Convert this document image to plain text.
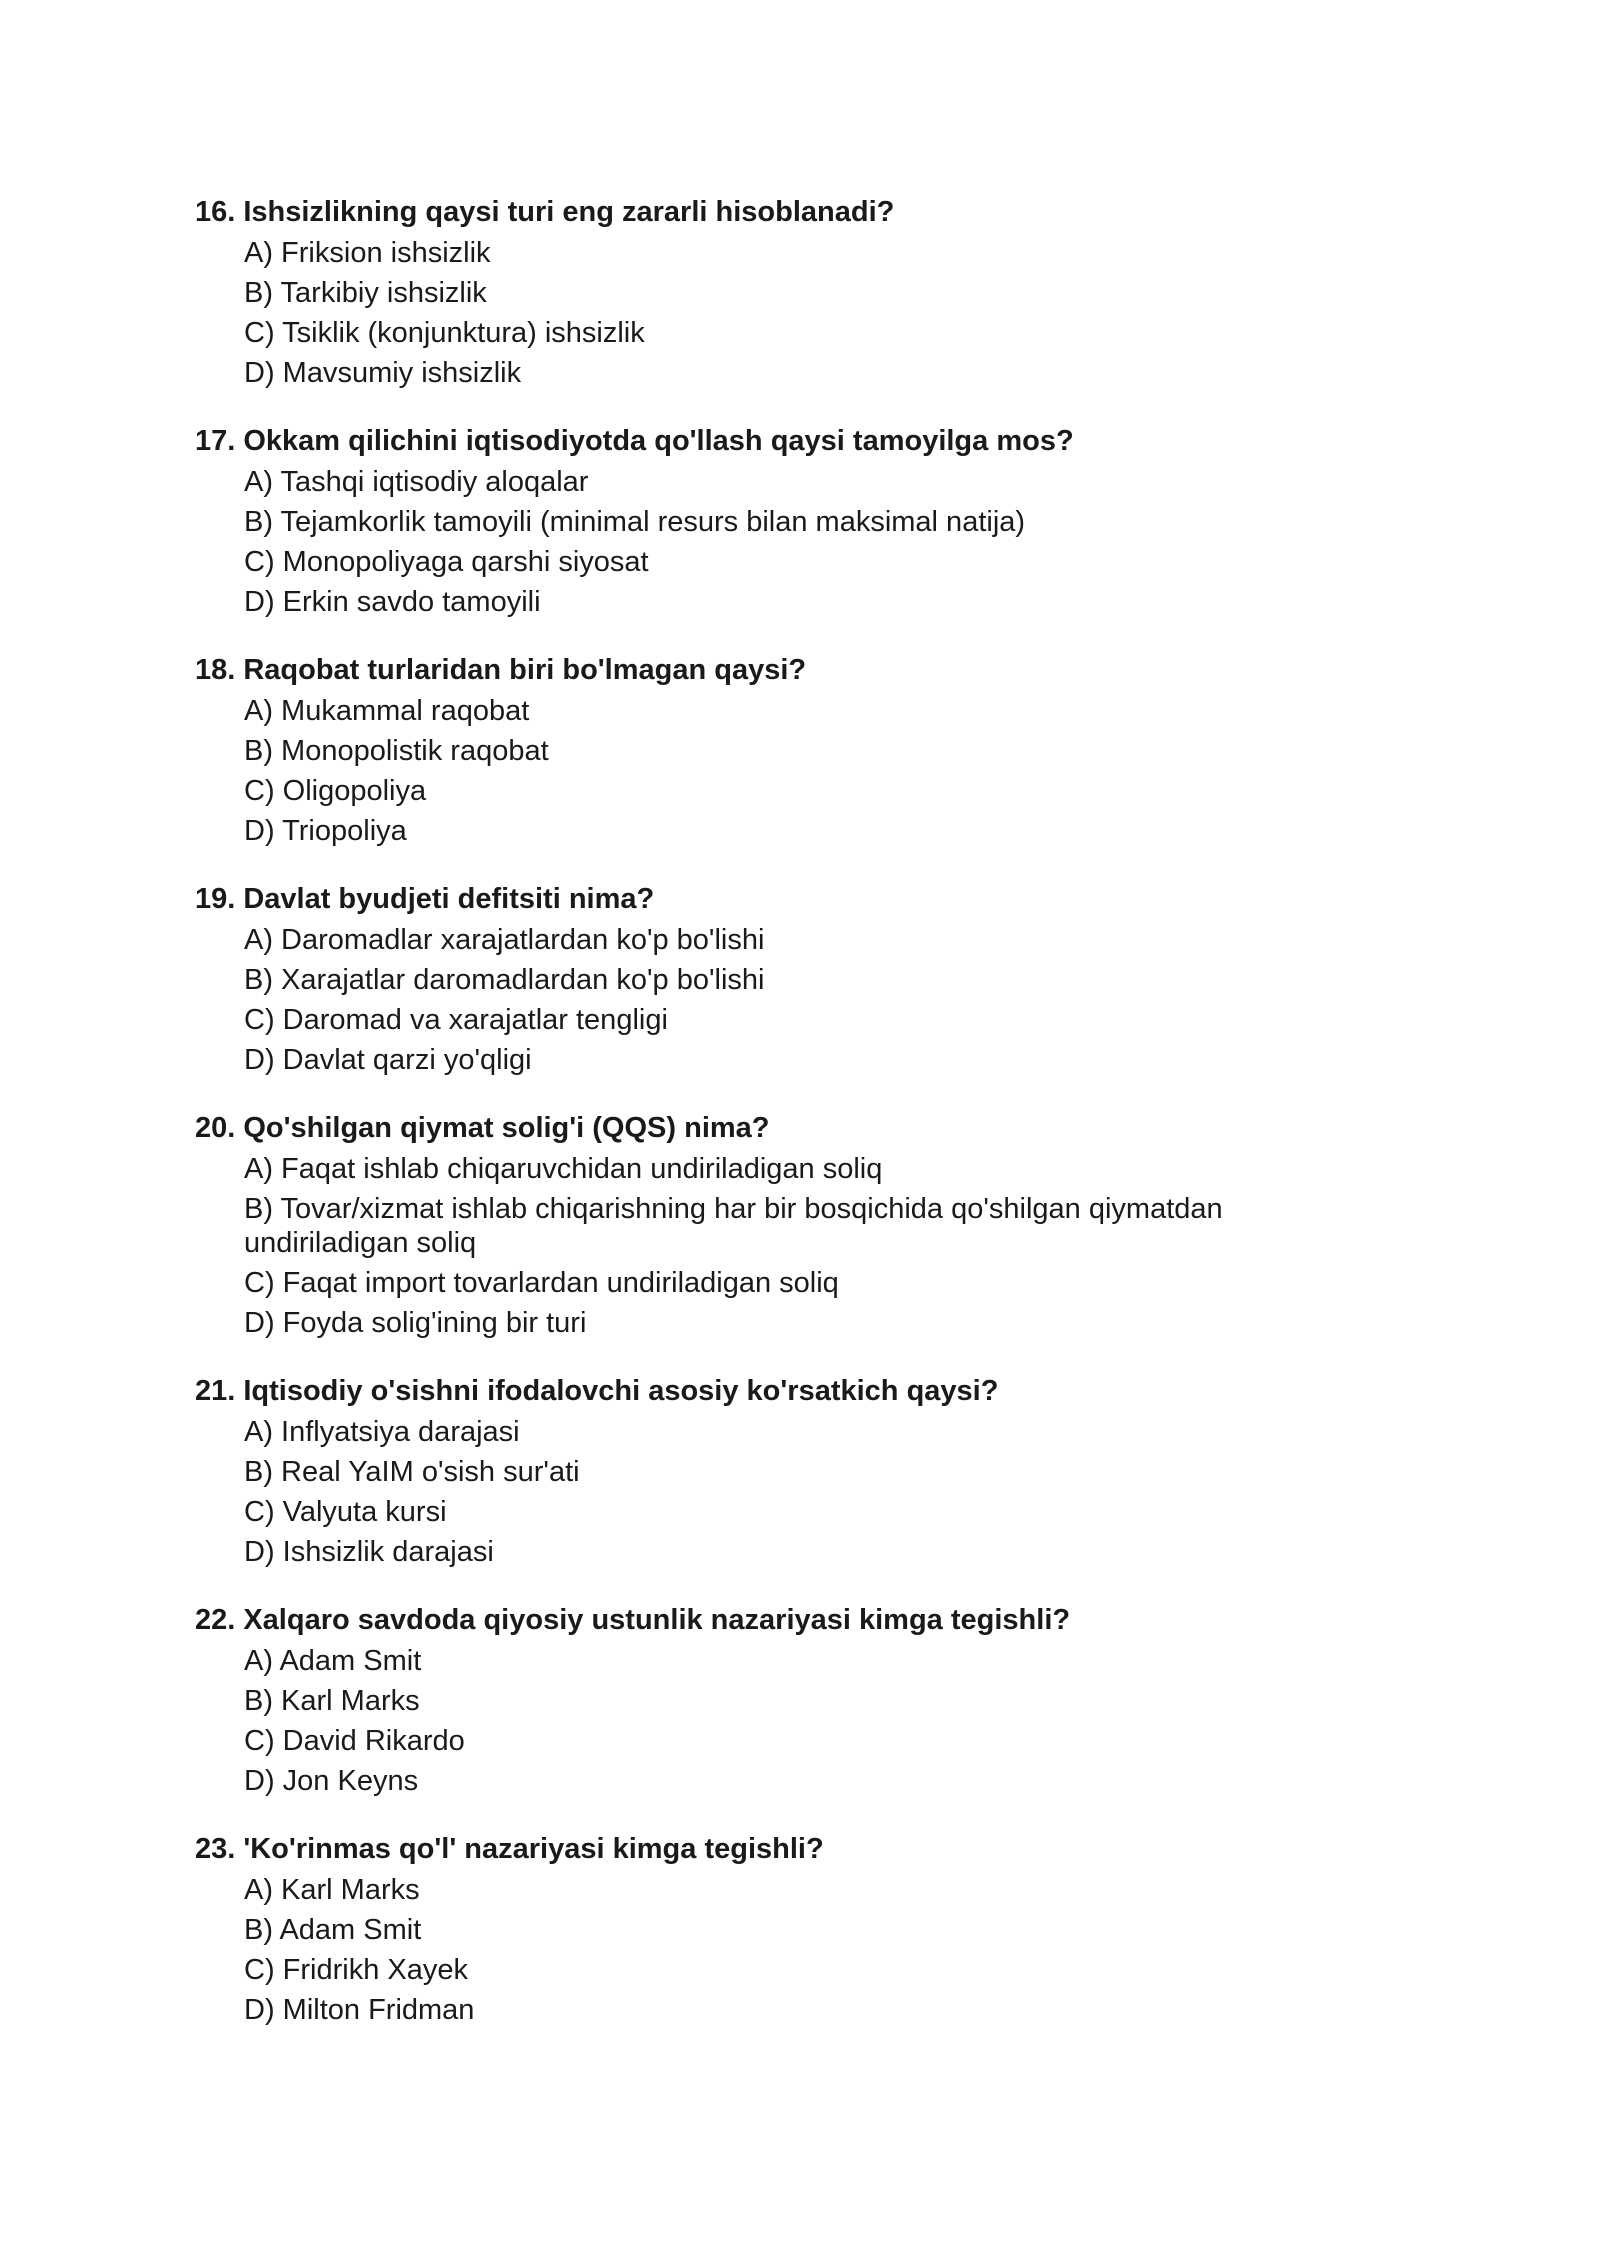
16. Ishsizlikning qaysi turi eng zararli hisoblanadi?
A) Friksion ishsizlik
B) Tarkibiy ishsizlik
C) Tsiklik (konjunktura) ishsizlik
D) Mavsumiy ishsizlik
17. Okkam qilichini iqtisodiyotda qo'llash qaysi tamoyilga mos?
A) Tashqi iqtisodiy aloqalar
B) Tejamkorlik tamoyili (minimal resurs bilan maksimal natija)
C) Monopoliyaga qarshi siyosat
D) Erkin savdo tamoyili
18. Raqobat turlaridan biri bo'lmagan qaysi?
A) Mukammal raqobat
B) Monopolistik raqobat
C) Oligopoliya
D) Triopoliya
19. Davlat byudjeti defitsiti nima?
A) Daromadlar xarajatlardan ko'p bo'lishi
B) Xarajatlar daromadlardan ko'p bo'lishi
C) Daromad va xarajatlar tengligi
D) Davlat qarzi yo'qligi
20. Qo'shilgan qiymat solig'i (QQS) nima?
A) Faqat ishlab chiqaruvchidan undiriladigan soliq
B) Tovar/xizmat ishlab chiqarishning har bir bosqichida qo'shilgan qiymatdan undiriladigan soliq
C) Faqat import tovarlardan undiriladigan soliq
D) Foyda solig'ining bir turi
21. Iqtisodiy o'sishni ifodalovchi asosiy ko'rsatkich qaysi?
A) Inflyatsiya darajasi
B) Real YaIM o'sish sur'ati
C) Valyuta kursi
D) Ishsizlik darajasi
22. Xalqaro savdoda qiyosiy ustunlik nazariyasi kimga tegishli?
A) Adam Smit
B) Karl Marks
C) David Rikardo
D) Jon Keyns
23. 'Ko'rinmas qo'l' nazariyasi kimga tegishli?
A) Karl Marks
B) Adam Smit
C) Fridrikh Xayek
D) Milton Fridman
